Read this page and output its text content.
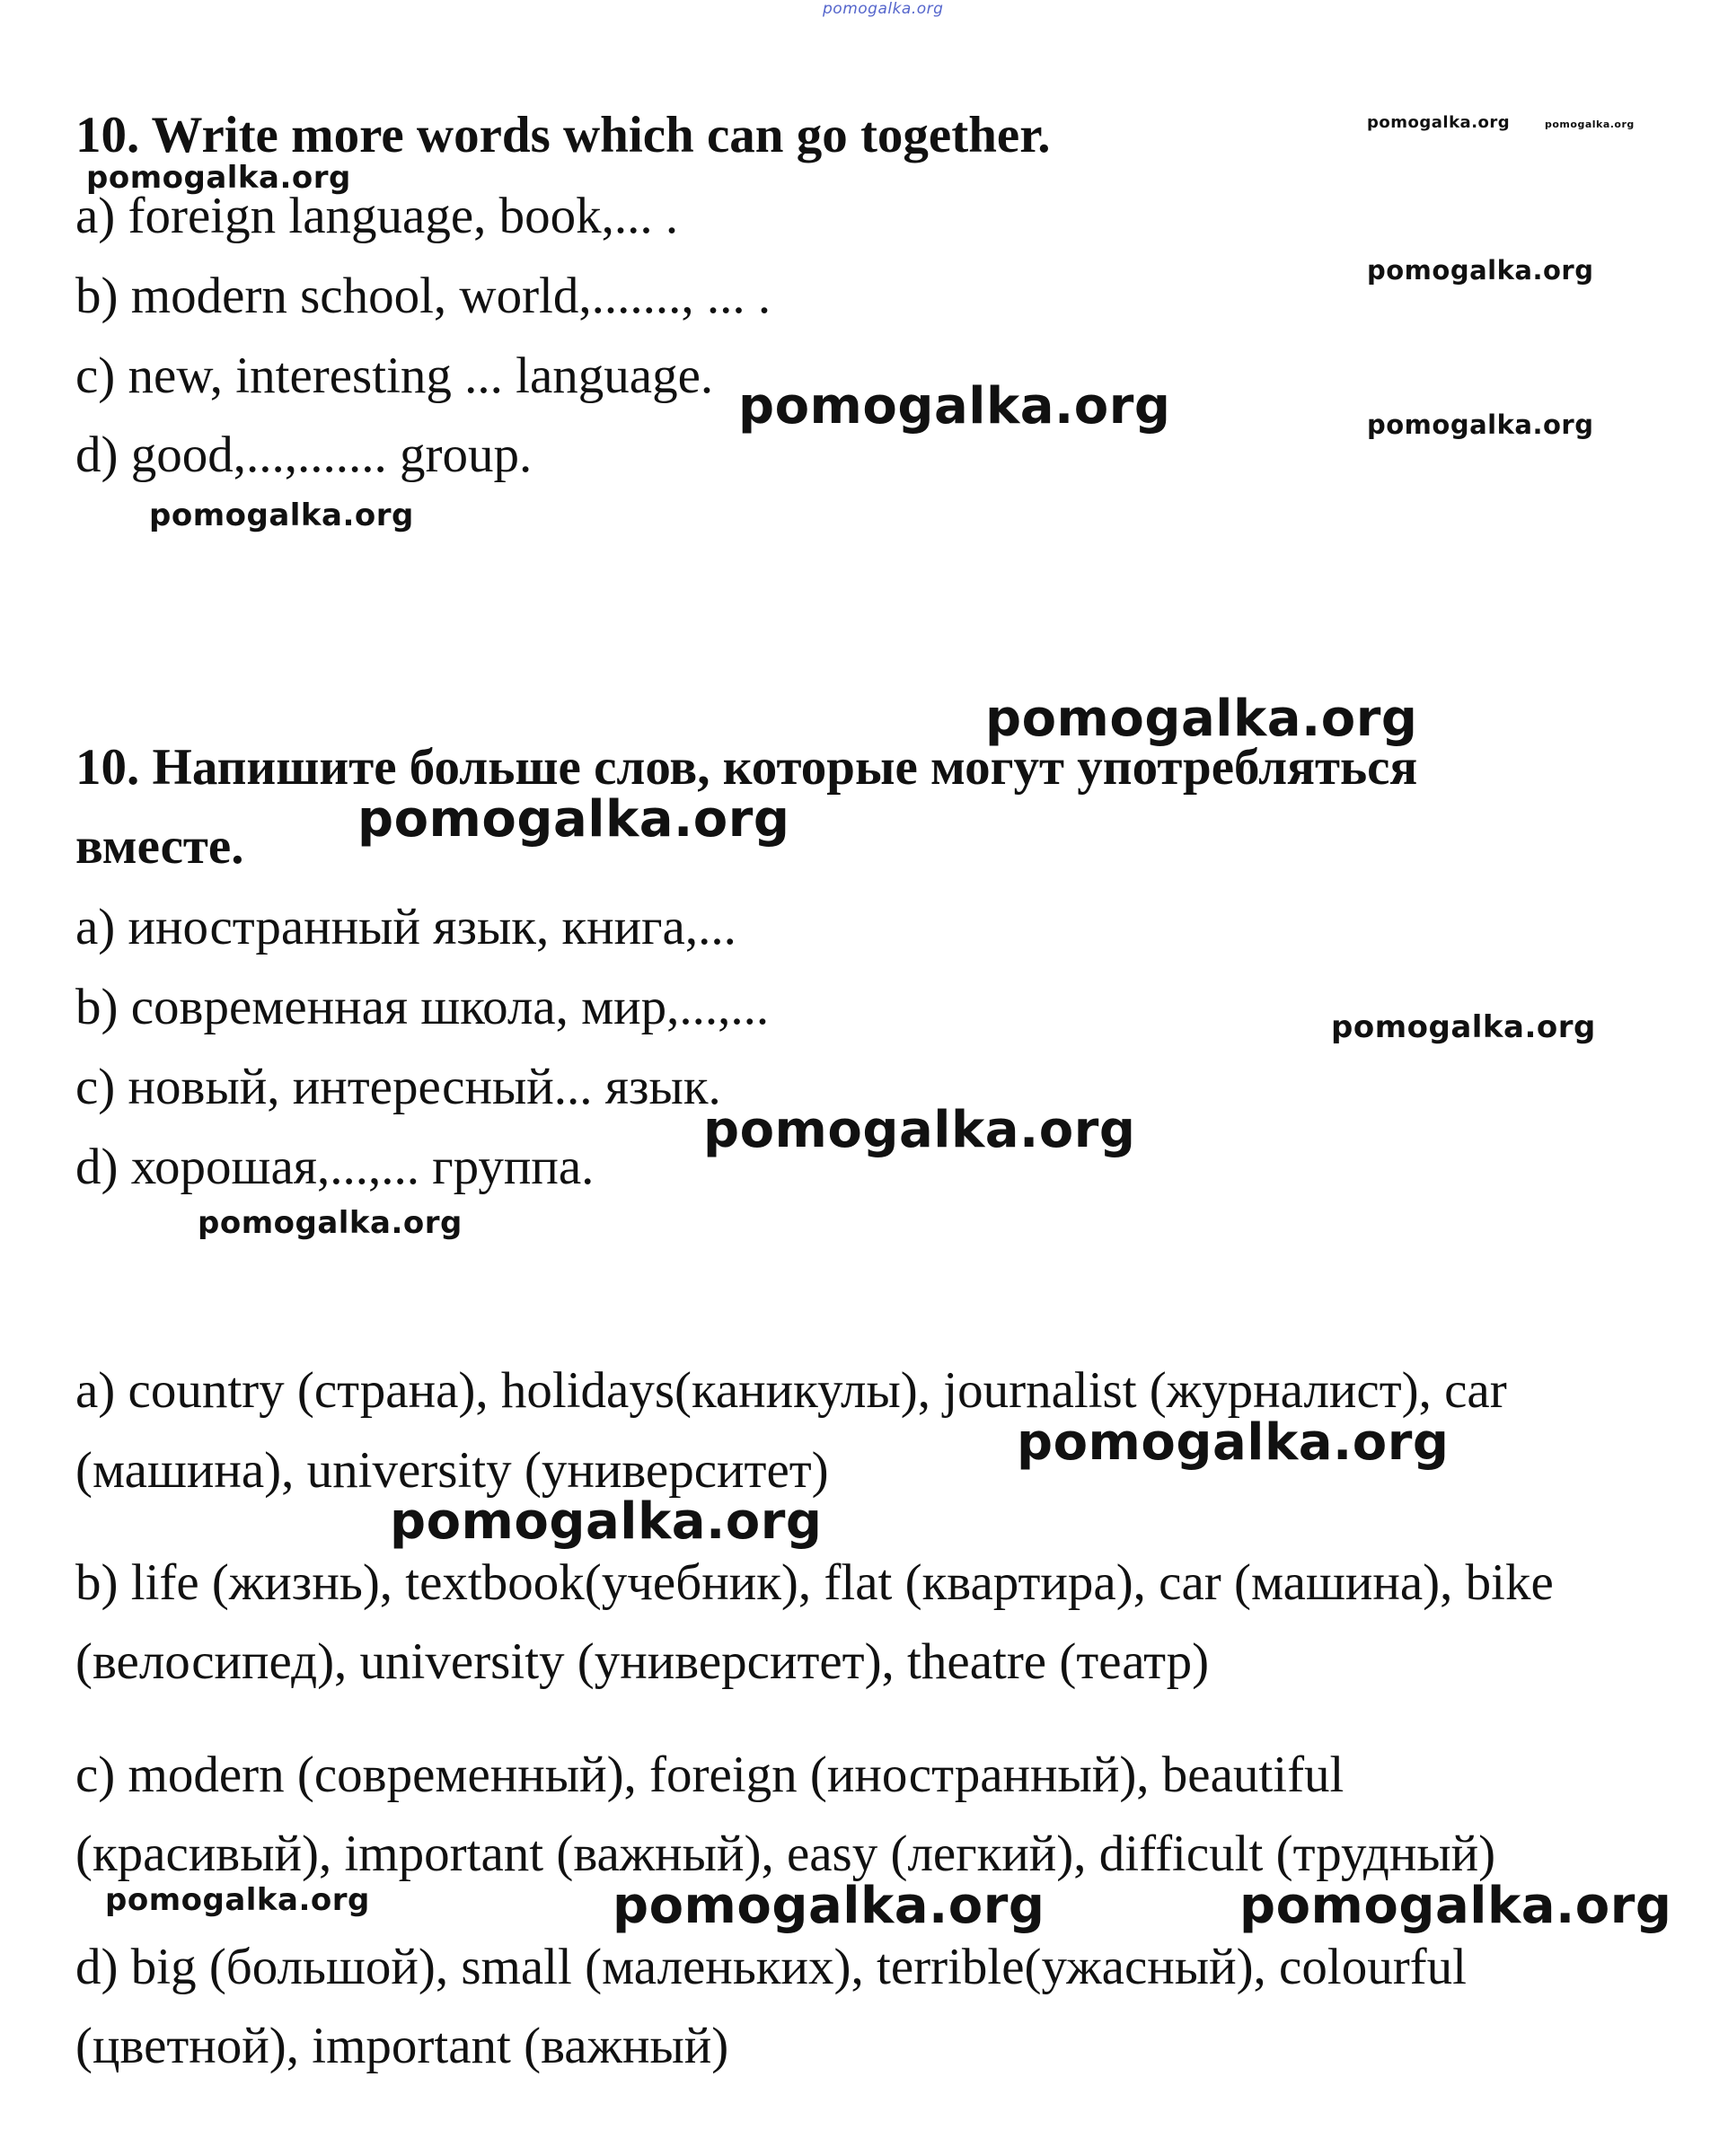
pomogalka.org
10. Write more words which can go together.
a) foreign language, book,... .
b) modern school, world,......., ... .
c) new, interesting ... language.
d) good,...,....... group.
10. Напишите больше слов, которые могут употребляться
вместе.
a) иностранный язык, книга,...
b) современная школа, мир,...,...
c) новый, интересный... язык.
d) хорошая,...,... группа.
a) country (страна), holidays(каникулы), journalist (журналист), car
(машина), university (университет)
b) life (жизнь), textbook(учебник), flat (квартира), car (машина), bike
(велосипед), university (университет), theatre (театр)
c) modern (современный), foreign (иностранный), beautiful
(красивый), important (важный), easy (легкий), difficult (трудный)
d) big (большой), small (маленьких), terrible(ужасный), colourful
(цветной), important (важный)
pomogalka.org	pomogalka.org
pomogalka.org
pomogalka.org
pomogalka.org	pomogalka.org
pomogalka.org
pomogalka.org
pomogalka.org
pomogalka.org
pomogalka.org
pomogalka.org
pomogalka.org
pomogalka.org
pomogalka.org	pomogalka.org	pomogalka.org
